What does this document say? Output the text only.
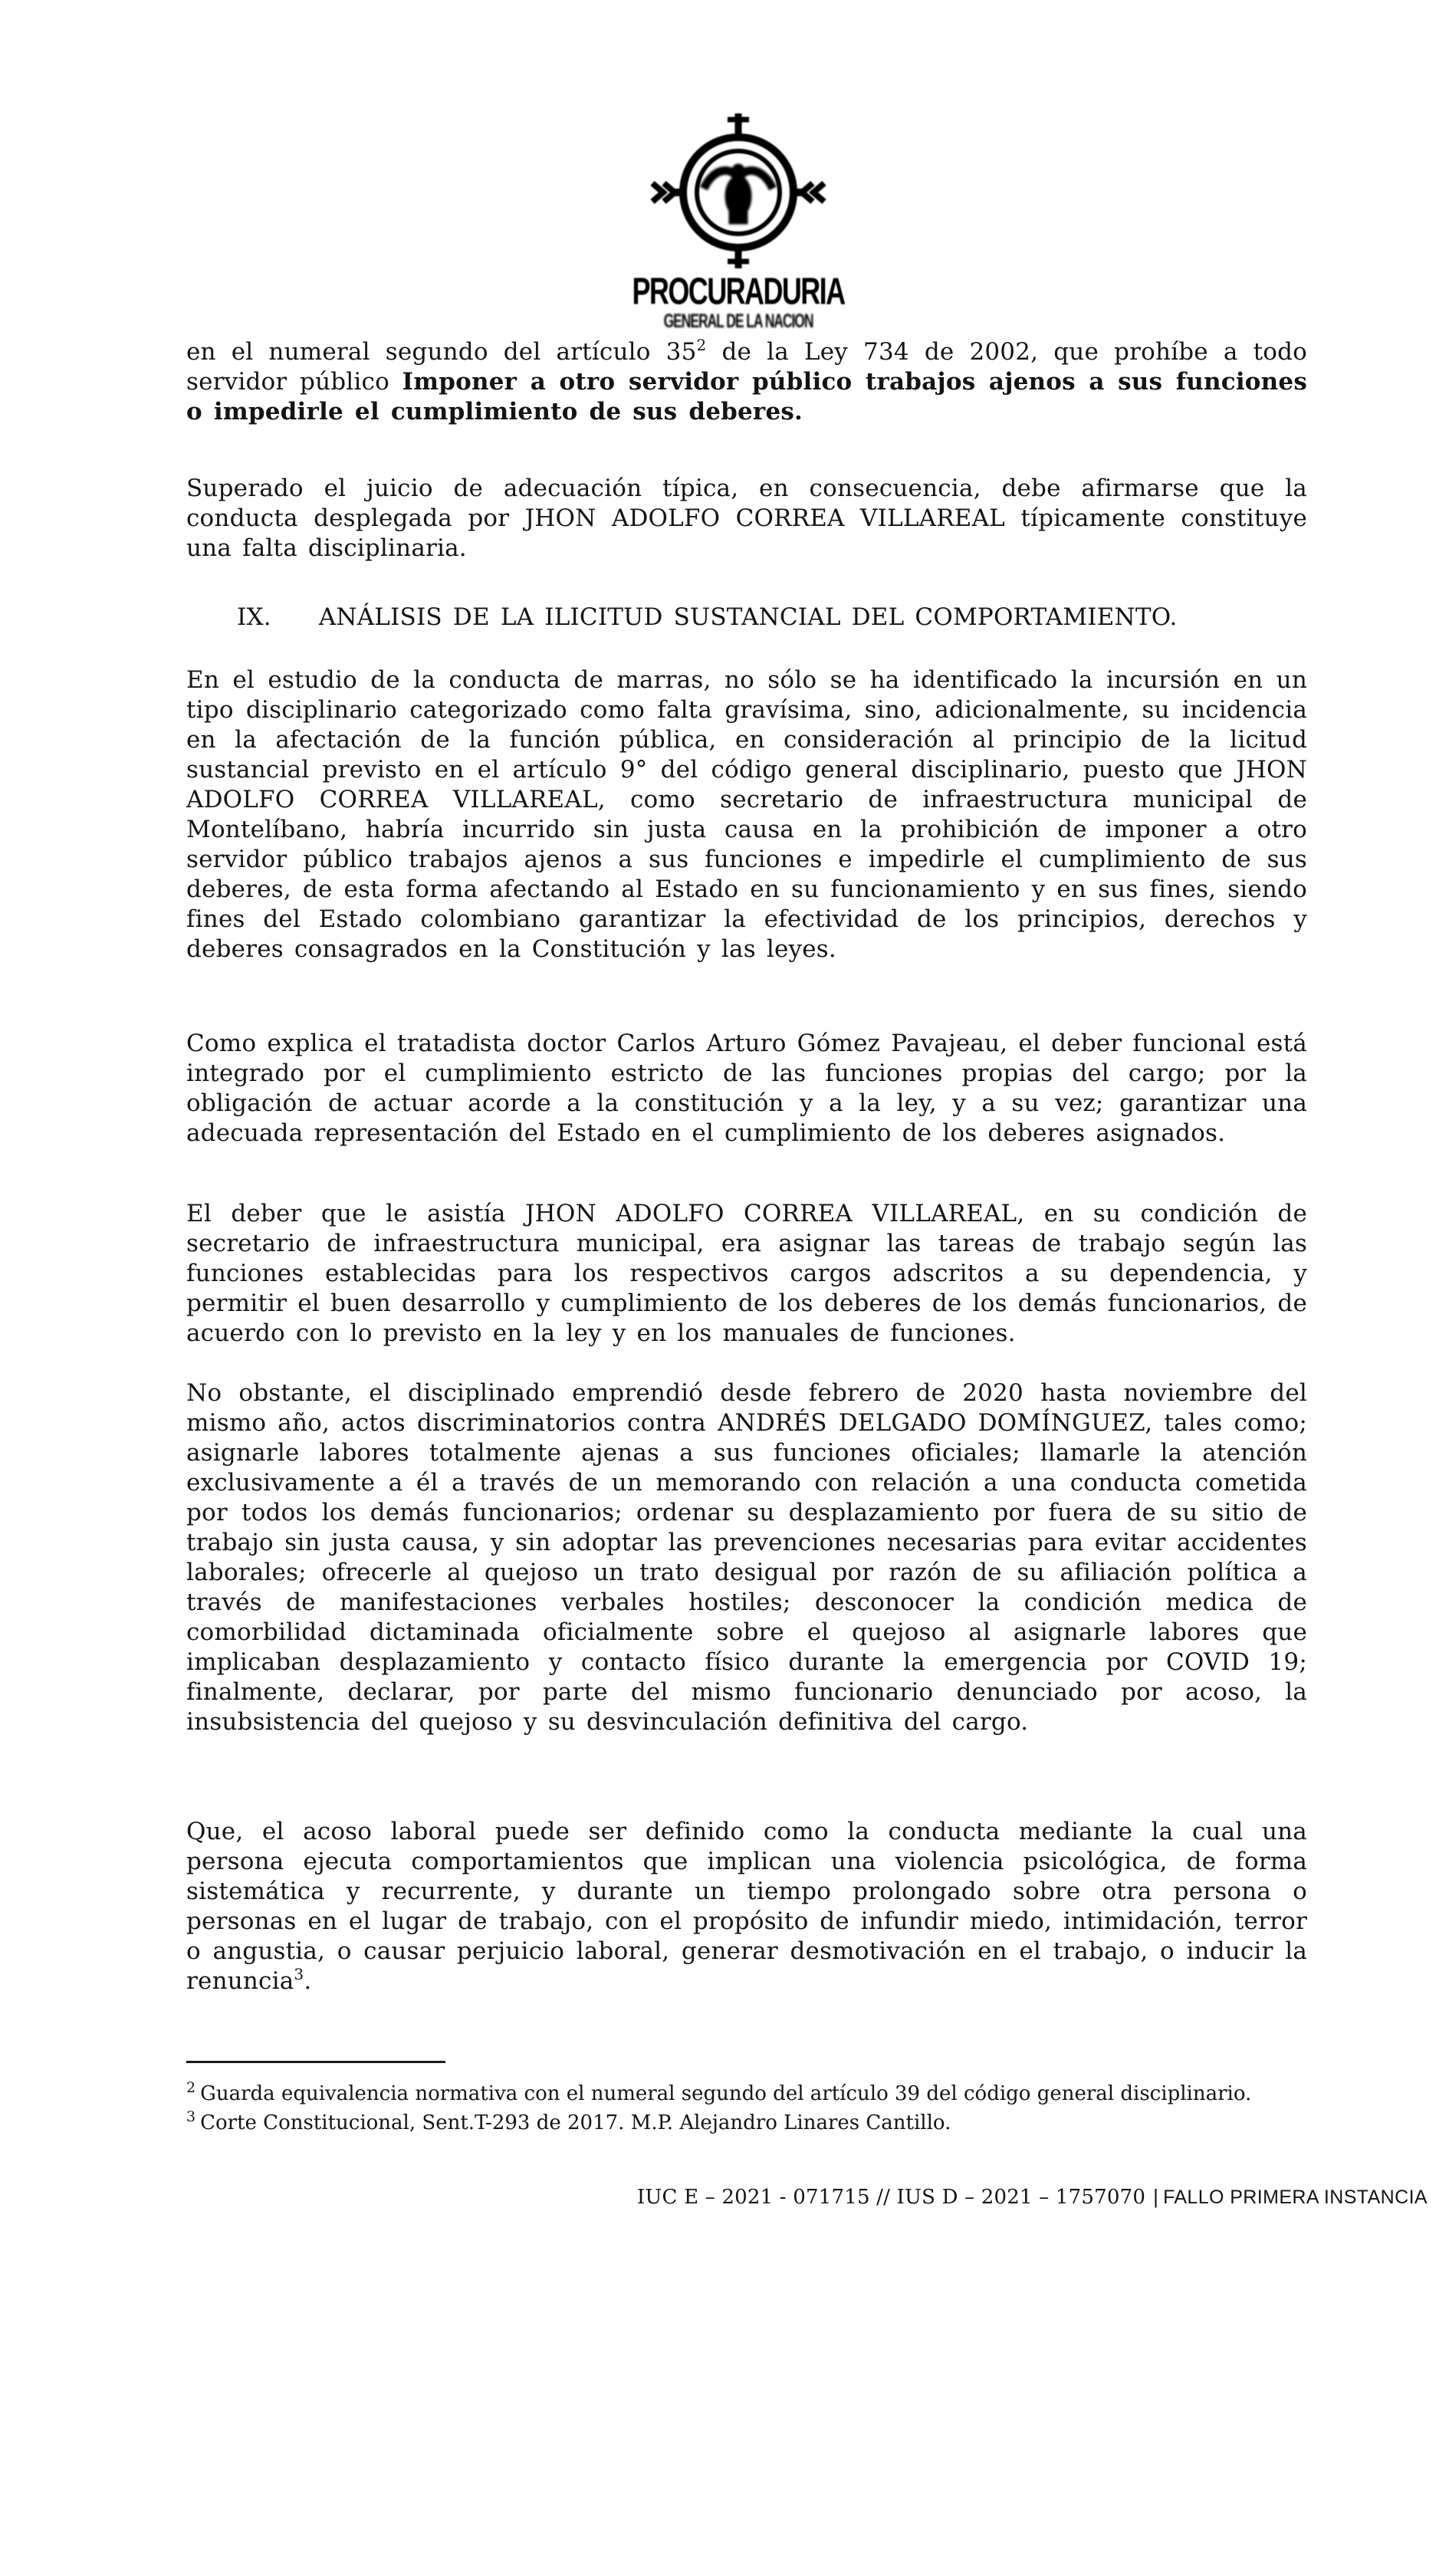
PROCURADURIA
GENERAL DE LA NACION

en el numeral segundo del artículo 35$^2$ de la Ley 734 de 2002, que prohíbe a todo servidor público Imponer a otro servidor público trabajos ajenos a sus funciones o impedirle el cumplimiento de sus deberes.

Superado el juicio de adecuación típica, en consecuencia, debe afirmarse que la conducta desplegada por JHON ADOLFO CORREA VILLAREAL típicamente constituye una falta disciplinaria.

IX. ANÁLISIS DE LA ILICITUD SUSTANCIAL DEL COMPORTAMIENTO.

En el estudio de la conducta de marras, no sólo se ha identificado la incursión en un tipo disciplinario categorizado como falta gravísima, sino, adicionalmente, su incidencia en la afectación de la función pública, en consideración al principio de la licitud sustancial previsto en el artículo 9° del código general disciplinario, puesto que JHON ADOLFO CORREA VILLAREAL, como secretario de infraestructura municipal de Montelíbano, habría incurrido sin justa causa en la prohibición de imponer a otro servidor público trabajos ajenos a sus funciones e impedirle el cumplimiento de sus deberes, de esta forma afectando al Estado en su funcionamiento y en sus fines, siendo fines del Estado colombiano garantizar la efectividad de los principios, derechos y deberes consagrados en la Constitución y las leyes.

Como explica el tratadista doctor Carlos Arturo Gómez Pavajeau, el deber funcional está integrado por el cumplimiento estricto de las funciones propias del cargo; por la obligación de actuar acorde a la constitución y a la ley, y a su vez; garantizar una adecuada representación del Estado en el cumplimiento de los deberes asignados.

El deber que le asistía JHON ADOLFO CORREA VILLAREAL, en su condición de secretario de infraestructura municipal, era asignar las tareas de trabajo según las funciones establecidas para los respectivos cargos adscritos a su dependencia, y permitir el buen desarrollo y cumplimiento de los deberes de los demás funcionarios, de acuerdo con lo previsto en la ley y en los manuales de funciones.

No obstante, el disciplinado emprendió desde febrero de 2020 hasta noviembre del mismo año, actos discriminatorios contra ANDRÉS DELGADO DOMÍNGUEZ, tales como; asignarle labores totalmente ajenas a sus funciones oficiales; llamarle la atención exclusivamente a él a través de un memorando con relación a una conducta cometida por todos los demás funcionarios; ordenar su desplazamiento por fuera de su sitio de trabajo sin justa causa, y sin adoptar las prevenciones necesarias para evitar accidentes laborales; ofrecerle al quejoso un trato desigual por razón de su afiliación política a través de manifestaciones verbales hostiles; desconocer la condición medica de comorbilidad dictaminada oficialmente sobre el quejoso al asignarle labores que implicaban desplazamiento y contacto físico durante la emergencia por COVID 19; finalmente, declarar, por parte del mismo funcionario denunciado por acoso, la insubsistencia del quejoso y su desvinculación definitiva del cargo.

Que, el acoso laboral puede ser definido como la conducta mediante la cual una persona ejecuta comportamientos que implican una violencia psicológica, de forma sistemática y recurrente, y durante un tiempo prolongado sobre otra persona o personas en el lugar de trabajo, con el propósito de infundir miedo, intimidación, terror o angustia, o causar perjuicio laboral, generar desmotivación en el trabajo, o inducir la renuncia$^3$.

$^2$ Guarda equivalencia normativa con el numeral segundo del artículo 39 del código general disciplinario.
$^3$ Corte Constitucional, Sent.T-293 de 2017. M.P. Alejandro Linares Cantillo.
IUC E – 2021 - 071715 // IUS D – 2021 – 1757070 | FALLO PRIMERA INSTANCIA
